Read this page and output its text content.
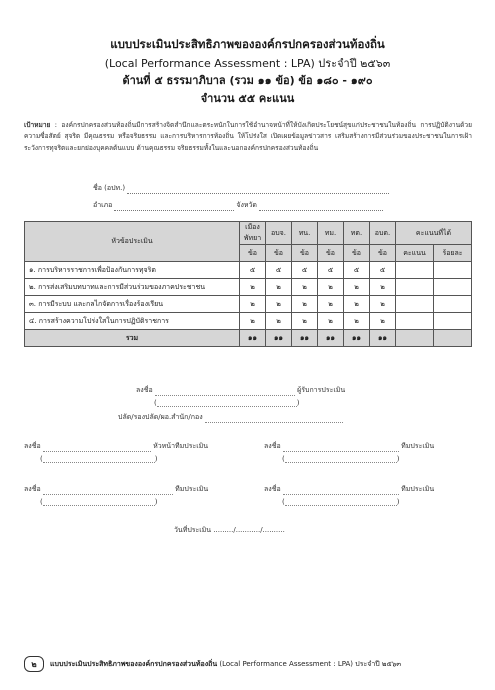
แบบประเมินประสิทธิภาพขององค์กรปกครองส่วนท้องถิ่น
(Local Performance Assessment : LPA) ประจำปี ๒๕๖๓
ด้านที่ ๕ ธรรมาภิบาล (รวม ๑๑ ข้อ) ข้อ ๑๘๐ - ๑๙๐
จำนวน ๕๕ คะแนน
เป้าหมาย : องค์กรปกครองส่วนท้องถิ่นมีการสร้างจิตสำนึกและตระหนักในการใช้อำนาจหน้าที่ให้บังเกิดประโยชน์สุขแก่ประชาชนในท้องถิ่น การปฏิบัติงานด้วยความซื่อสัตย์ สุจริต มีคุณธรรม หรือจริยธรรม และการบริหารการท้องถิ่น ให้โปร่งใส เปิดเผยข้อมูลข่าวสาร เสริมสร้างการมีส่วนร่วมของประชาชนในการเฝ้าระวังการทุจริตและยกย่องบุคคลต้นแบบ ด้านคุณธรรม จริยธรรมทั้งในและนอกองค์กรปกครองส่วนท้องถิ่น
ชื่อ (อปท.)
อำเภอ	จังหวัด
หัวข้อประเมิน	เมืองพัทยา	อบจ.	ทน.	ทม.	ทต.	อบต.	คะแนนที่ได้	
	ข้อ	ข้อ	ข้อ	ข้อ	ข้อ	ข้อ	คะแนน	ร้อยละ
๑. การบริหารราชการเพื่อป้องกันการทุจริต	๕	๕	๕	๕	๕	๕		
๒. การส่งเสริมบทบาทและการมีส่วนร่วมของภาคประชาชน	๒	๒	๒	๒	๒	๒		
๓. การมีระบบ และกลไกจัดการเรื่องร้องเรียน	๒	๒	๒	๒	๒	๒		
๔. การสร้างความโปร่งใสในการปฏิบัติราชการ	๒	๒	๒	๒	๒	๒		
รวม	๑๑	๑๑	๑๑	๑๑	๑๑	๑๑		
ลงชื่อ	ผู้รับการประเมิน
(	)
ปลัด/รองปลัด/ผอ.สำนัก/กอง
ลงชื่อ	หัวหน้าทีมประเมิน
(	)
ลงชื่อ	ทีมประเมิน
(	)
ลงชื่อ	ทีมประเมิน
(	)
ลงชื่อ	ทีมประเมิน
(	)
วันที่ประเมิน ........./.........../..........
๒	แบบประเมินประสิทธิภาพขององค์กรปกครองส่วนท้องถิ่น (Local Performance Assessment : LPA) ประจำปี ๒๕๖๓
